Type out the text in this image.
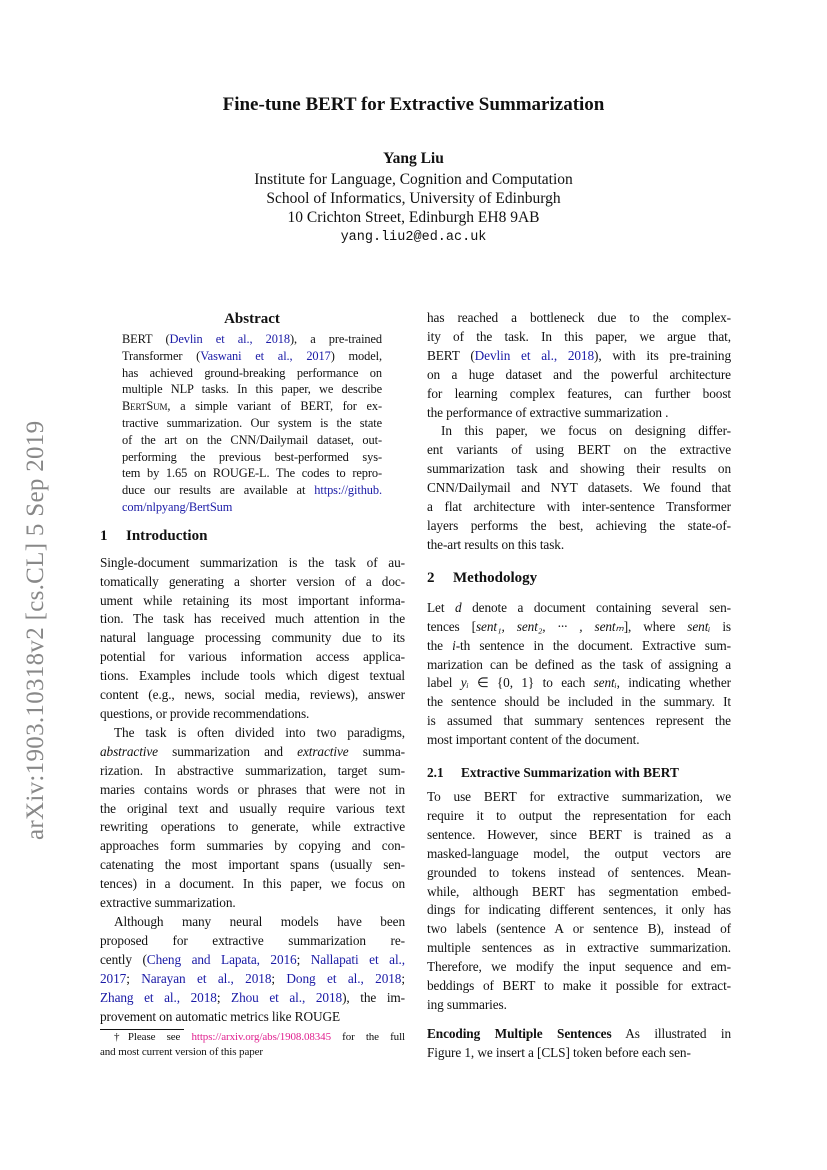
arXiv:1903.10318v2 [cs.CL] 5 Sep 2019
Fine-tune BERT for Extractive Summarization
Yang Liu
Institute for Language, Cognition and Computation
School of Informatics, University of Edinburgh
10 Crichton Street, Edinburgh EH8 9AB
yang.liu2@ed.ac.uk
Abstract
BERT (Devlin et al., 2018), a pre-trained
Transformer (Vaswani et al., 2017) model,
has achieved ground-breaking performance on
multiple NLP tasks. In this paper, we describe
BertSum, a simple variant of BERT, for ex-
tractive summarization. Our system is the state
of the art on the CNN/Dailymail dataset, out-
performing the previous best-performed sys-
tem by 1.65 on ROUGE-L. The codes to repro-
duce our results are available at https://github.
com/nlpyang/BertSum
1 Introduction
Single-document summarization is the task of au-
tomatically generating a shorter version of a doc-
ument while retaining its most important informa-
tion. The task has received much attention in the
natural language processing community due to its
potential for various information access applica-
tions. Examples include tools which digest textual
content (e.g., news, social media, reviews), answer
questions, or provide recommendations.
The task is often divided into two paradigms,
abstractive summarization and extractive summa-
rization. In abstractive summarization, target sum-
maries contains words or phrases that were not in
the original text and usually require various text
rewriting operations to generate, while extractive
approaches form summaries by copying and con-
catenating the most important spans (usually sen-
tences) in a document. In this paper, we focus on
extractive summarization.
Although many neural models have been
proposed for extractive summarization re-
cently (Cheng and Lapata, 2016; Nallapati et al.,
2017; Narayan et al., 2018; Dong et al., 2018;
Zhang et al., 2018; Zhou et al., 2018), the im-
provement on automatic metrics like ROUGE
†Please see https://arxiv.org/abs/1908.08345 for the full
and most current version of this paper
has reached a bottleneck due to the complex-
ity of the task. In this paper, we argue that,
BERT (Devlin et al., 2018), with its pre-training
on a huge dataset and the powerful architecture
for learning complex features, can further boost
the performance of extractive summarization .
In this paper, we focus on designing differ-
ent variants of using BERT on the extractive
summarization task and showing their results on
CNN/Dailymail and NYT datasets. We found that
a flat architecture with inter-sentence Transformer
layers performs the best, achieving the state-of-
the-art results on this task.
2 Methodology
Let d denote a document containing several sen-
tences [sent₁, sent₂, ··· , sentₘ], where sentᵢ is
the i-th sentence in the document. Extractive sum-
marization can be defined as the task of assigning a
label yᵢ ∈ {0, 1} to each sentᵢ, indicating whether
the sentence should be included in the summary. It
is assumed that summary sentences represent the
most important content of the document.
2.1 Extractive Summarization with BERT
To use BERT for extractive summarization, we
require it to output the representation for each
sentence. However, since BERT is trained as a
masked-language model, the output vectors are
grounded to tokens instead of sentences. Mean-
while, although BERT has segmentation embed-
dings for indicating different sentences, it only has
two labels (sentence A or sentence B), instead of
multiple sentences as in extractive summarization.
Therefore, we modify the input sequence and em-
beddings of BERT to make it possible for extract-
ing summaries.
Encoding Multiple Sentences As illustrated in
Figure 1, we insert a [CLS] token before each sen-
